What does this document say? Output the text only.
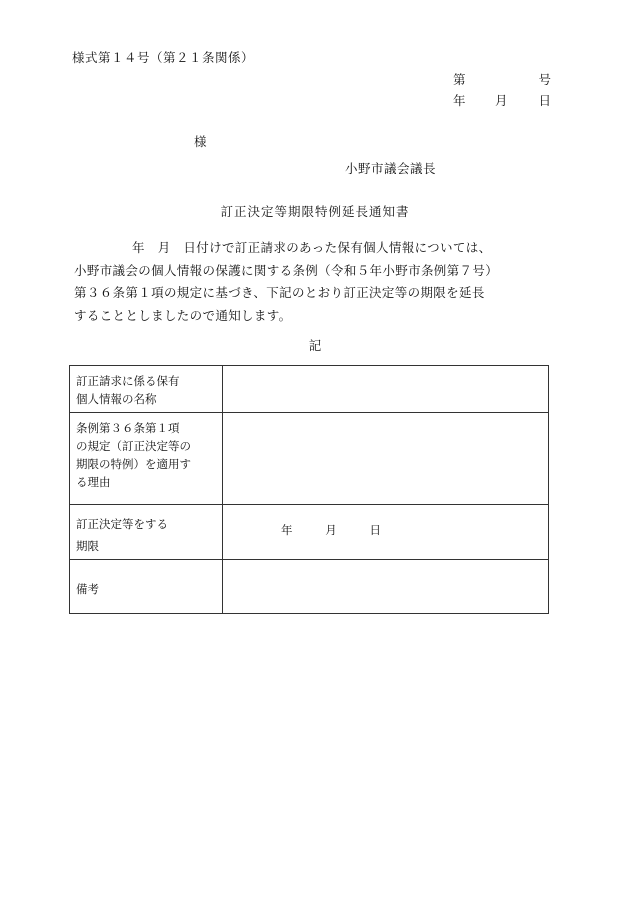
様式第１４号（第２１条関係）
第	号
年 月 日
様
小野市議会議長
訂正決定等期限特例延長通知書

年　月　日付けで訂正請求のあった保有個人情報については、

小野市議会の個人情報の保護に関する条例（令和５年小野市条例第７号）

第３６条第１項の規定に基づき、下記のとおり訂正決定等の期限を延長

することとしましたので通知します。

記
訂正請求に係る保有
個人情報の名称	

条例第３６条第１項
の規定（訂正決定等の
期限の特例）を適用す
る理由	

訂正決定等をする
期限	年 月 日

備考	
